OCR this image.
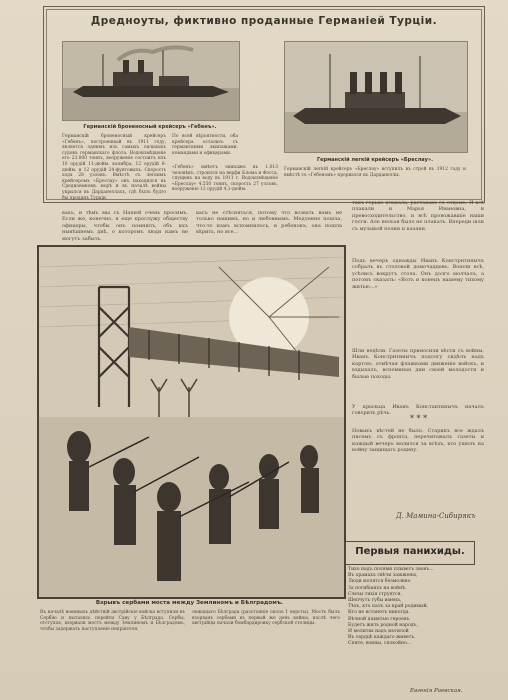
Дредноуты, фиктивно проданные Германіей Турціи.
Германскій броненосный крейсеръ «Гебенъ».
Германскій легкій крейсеръ «Бреслау».
Германскій броненосный крейсеръ «Гебенъ», построенный въ 1911 году, является однимъ изъ самыхъ сильныхъ судовъ германскаго флота. Водоизмѣщеніе его 23.000 тоннъ, вооруженіе состоитъ изъ 10 орудій 11-дюйм. калибра, 12 орудій 6-дюйм. и 12 орудій 24-фунтовыхъ. Скорость хода 28 узловъ. Вмѣстѣ съ легкимъ крейсеромъ «Бреслау» онъ находился въ Средиземномъ морѣ и въ началѣ войны укрылся въ Дарданеллахъ, гдѣ былъ будто бы проданъ Турціи.
По всей вѣроятности, оба крейсера остались съ германскими экипажами, командами и офицерами.
«Гебенъ» имѣетъ экипажъ въ 1.013 человѣкъ, строился на верфи Блома и Фосса, спущенъ на воду въ 1911 г. Водоизмѣщеніе «Бреслау» 4.550 тоннъ, скорость 27 узловъ, вооруженіе 12 орудій 4,1-дюйм.
Германскій легкій крейсеръ «Бреслау» вступилъ въ строй въ 1912 году и вмѣстѣ съ «Гебеномъ» прорвался въ Дарданеллы.
вахъ, и тѣмъ мы съ Нашей очень просимъ. Если же, конечно, я еще прослужу обществу офицеры, чтобы онъ помнилъ, объ ихъ нынѣшнемъ днѣ, о которомъ люди намъ не могутъ забыть.
васъ не стѣсняться, потому что возвать вамъ не только нашимъ, но и любовнымъ. Медленно пошла, что-то намъ вспомнилось, и ребенокъ, она пошла вѣрить, но все...
Взрывъ сербами моста между Землиномъ и Бѣлградомъ.
Въ началѣ военныхъ дѣйствій австрійскіе войска вступили въ Сербію и пытались перейти Саву у Бѣлграда. Сербы, отступая, взорвали мостъ между Землиномъ и Бѣлградомъ, чтобы задержать наступленіе непріятеля.
лежащаго Бѣлграда (разстояніе около 1 версты). Мостъ былъ взорванъ сербами въ первый же день войны, послѣ чего австрійцы начали бомбардировку сербской столицы.
такъ горько плакала, растававъ съ отцомъ. И всѣ плакали и Марья Ивановна, и превосходительство, и всѣ провожавшіе наши гости. Але нельзя было не плакать. Впереди шли съ музыкой полки и казаки.
Подъ вечеръ однажды Иванъ Констрнтинычъ собралъ въ столовой домочадцевъ. Вошли всѣ, усѣлись вокругъ стола. Онъ долго молчалъ, а потомъ сказалъ: «Вотъ и конецъ нашему тихому житью...»
Шли недѣли. Газеты приносили вѣсти съ войны. Иванъ Констрнтинычъ подолгу сидѣлъ надъ картою, отмѣчая флажками движеніе войскъ, и вздыхалъ, вспоминая дни своей молодости и былые походы.
У крыльца Иванъ Константинычъ началъ говорить рѣчь.
* * *
Новыхъ вѣстей не было. Старикъ все ждалъ писемъ съ фронта, перечитывалъ газеты и каждый вечеръ молился за всѣхъ, кто ушелъ на войну защищать родину.
Д. Мамина-Сибирякъ
Первыя панихиды.
Тихо надъ полями плыветъ звонъ...
Въ храмахъ свѣчи зажжены,
Люди молятся безмолвно
За погибшихъ на войнѣ.
Слезы тихія струятся,
Шепчутъ губы имена,
Тѣхъ, кто палъ за край родимый,
Кто не встанетъ никогда.
Вѣчной памятью героевъ
Будетъ жить родной народъ,
И молитва надъ могилой
Въ сердцѣ каждаго живетъ.
Спите, воины, спокойно...
Евгенія Раевская.
